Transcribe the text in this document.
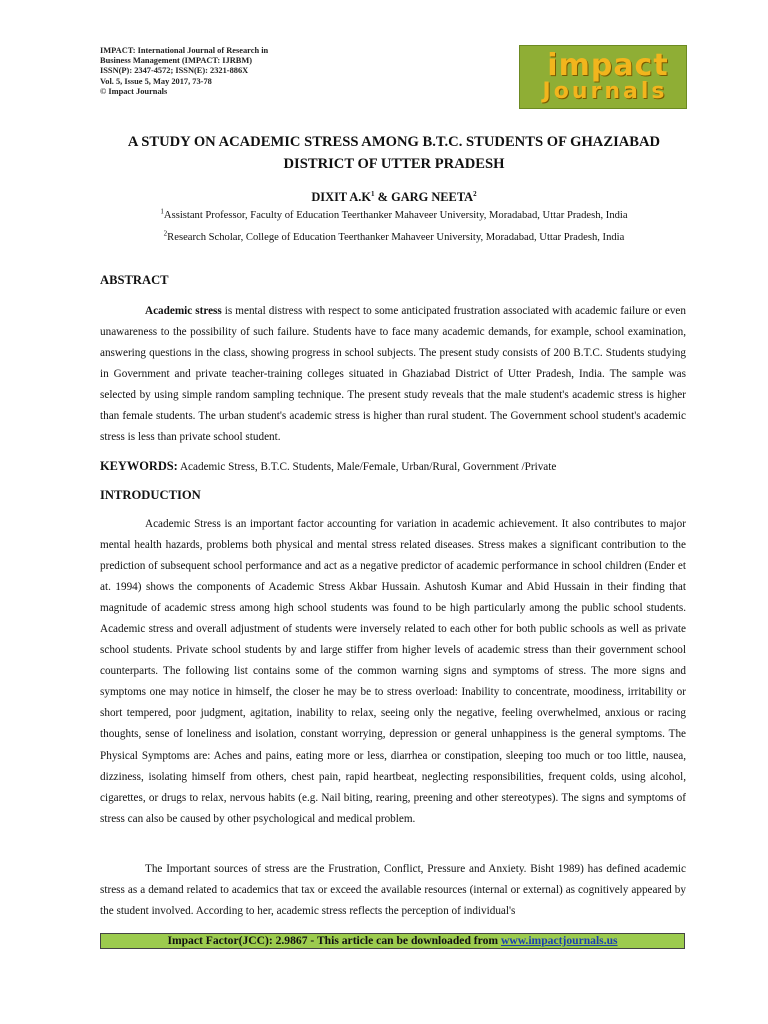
IMPACT: International Journal of Research in
Business Management (IMPACT: IJRBM)
ISSN(P): 2347-4572; ISSN(E): 2321-886X
Vol. 5, Issue 5, May 2017, 73-78
© Impact Journals
impact
Journals
A STUDY ON ACADEMIC STRESS AMONG B.T.C. STUDENTS OF GHAZIABAD
DISTRICT OF UTTER PRADESH
DIXIT $A.K^1$ & GARG NEETA$^2$
$^1$Assistant Professor, Faculty of Education Teerthanker Mahaveer University, Moradabad, Uttar Pradesh, India
$^2$Research Scholar, College of Education Teerthanker Mahaveer University, Moradabad, Uttar Pradesh, India
ABSTRACT
Academic stress is mental distress with respect to some anticipated frustration associated with academic failure or even unawareness to the possibility of such failure. Students have to face many academic demands, for example, school examination, answering questions in the class, showing progress in school subjects. The present study consists of 200 B.T.C. Students studying in Government and private teacher-training colleges situated in Ghaziabad District of Utter Pradesh, India. The sample was selected by using simple random sampling technique. The present study reveals that the male student's academic stress is higher than female students. The urban student's academic stress is higher than rural student. The Government school student's academic stress is less than private school student.
KEYWORDS: Academic Stress, B.T.C. Students, Male/Female, Urban/Rural, Government /Private
INTRODUCTION
Academic Stress is an important factor accounting for variation in academic achievement. It also contributes to major mental health hazards, problems both physical and mental stress related diseases. Stress makes a significant contribution to the prediction of subsequent school performance and act as a negative predictor of academic performance in school children (Ender et at. 1994) shows the components of Academic Stress Akbar Hussain. Ashutosh Kumar and Abid Hussain in their finding that magnitude of academic stress among high school students was found to be high particularly among the public school students. Academic stress and overall adjustment of students were inversely related to each other for both public schools as well as private school students. Private school students by and large stiffer from higher levels of academic stress than their government school counterparts. The following list contains some of the common warning signs and symptoms of stress. The more signs and symptoms one may notice in himself, the closer he may be to stress overload: Inability to concentrate, moodiness, irritability or short tempered, poor judgment, agitation, inability to relax, seeing only the negative, feeling overwhelmed, anxious or racing thoughts, sense of loneliness and isolation, constant worrying, depression or general unhappiness is the general symptoms. The Physical Symptoms are: Aches and pains, eating more or less, diarrhea or constipation, sleeping too much or too little, nausea, dizziness, isolating himself from others, chest pain, rapid heartbeat, neglecting responsibilities, frequent colds, using alcohol, cigarettes, or drugs to relax, nervous habits (e.g. Nail biting, rearing, preening and other stereotypes). The signs and symptoms of stress can also be caused by other psychological and medical problem.
The Important sources of stress are the Frustration, Conflict, Pressure and Anxiety. Bisht 1989) has defined academic stress as a demand related to academics that tax or exceed the available resources (internal or external) as cognitively appeared by the student involved. According to her, academic stress reflects the perception of individual's
Impact Factor(JCC): 2.9867 - This article can be downloaded from www.impactjournals.us
